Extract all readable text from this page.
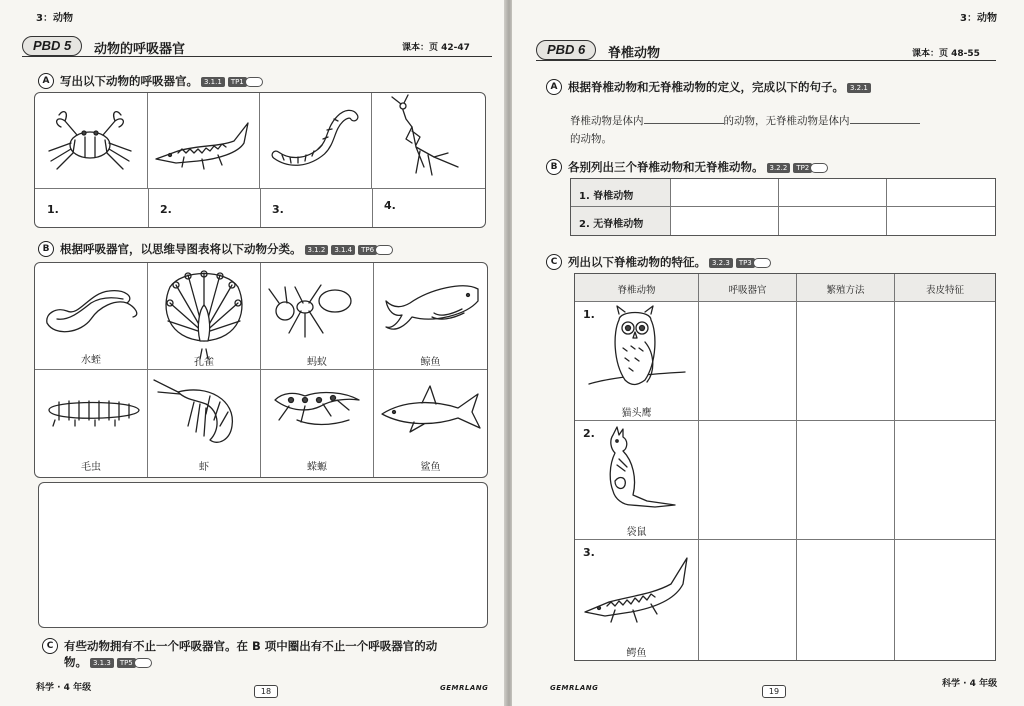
3：动物
PBD 5	动物的呼吸器官	课本：页 42-47
A 写出以下动物的呼吸器官。 3.1.1 TP1
1.	2.	3.	4.
B 根据呼吸器官，以思维导图表将以下动物分类。 3.1.2 3.1.4 TP6
水蛭	孔雀	蚂蚁	鲸鱼
毛虫	虾	蝾螈	鲨鱼
C 有些动物拥有不止一个呼吸器官。在 B 项中圈出有不止一个呼吸器官的动
物。 3.1.3 TP5
科学 · 4 年级	18	GEMRLANG
3：动物
PBD 6	脊椎动物	课本：页 48-55
A 根据脊椎动物和无脊椎动物的定义，完成以下的句子。 3.2.1
脊椎动物是体内	的动物，无脊椎动物是体内
的动物。
B 各别列出三个脊椎动物和无脊椎动物。 3.2.2 TP2
1. 脊椎动物
2. 无脊椎动物
C 列出以下脊椎动物的特征。 3.2.3 TP3
脊椎动物	呼吸器官	繁殖方法	表皮特征
1.
猫头鹰
2.
袋鼠
3.
鳄鱼
GEMRLANG	19
科学 · 4 年级
